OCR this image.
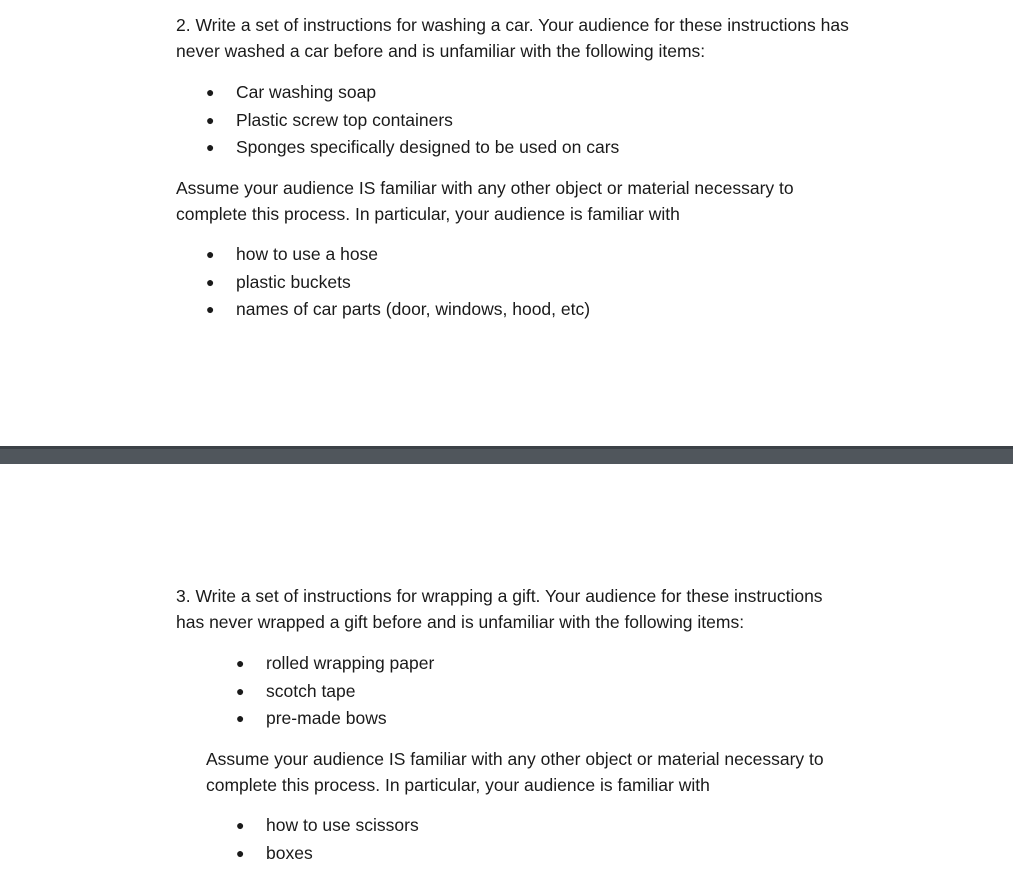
2. Write a set of instructions for washing a car. Your audience for these instructions has
never washed a car before and is unfamiliar with the following items:

●
Car washing soap
●
Plastic screw top containers
●
Sponges specifically designed to be used on cars

Assume your audience IS familiar with any other object or material necessary to
complete this process. In particular, your audience is familiar with

●
how to use a hose
●
plastic buckets
●
names of car parts (door, windows, hood, etc)

3. Write a set of instructions for wrapping a gift. Your audience for these instructions
has never wrapped a gift before and is unfamiliar with the following items:

●
rolled wrapping paper
●
scotch tape
●
pre-made bows

Assume your audience IS familiar with any other object or material necessary to
complete this process. In particular, your audience is familiar with

●
how to use scissors
●
boxes
